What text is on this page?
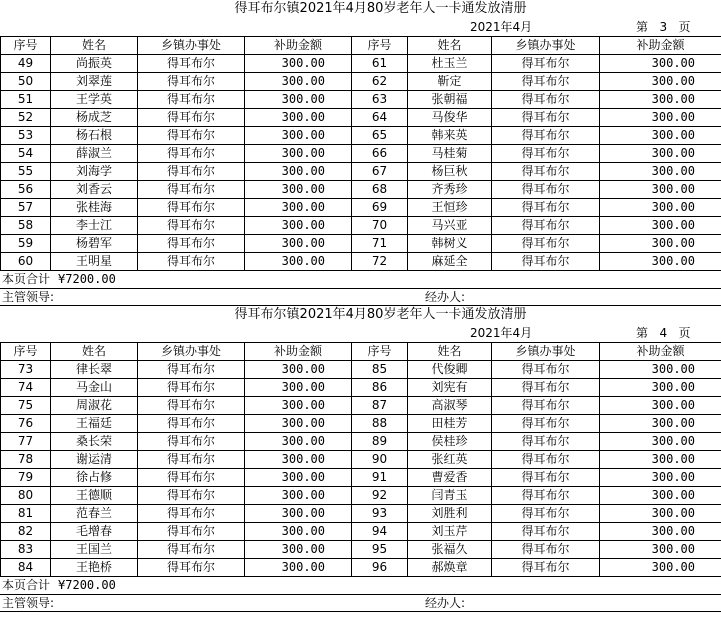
得耳布尔镇2021年4月80岁老年人一卡通发放清册
2021年4月	第 3 页
序号	姓名	乡镇办事处	补助金额	序号	姓名	乡镇办事处	补助金额
49	尚振英	得耳布尔	300.00	61	杜玉兰	得耳布尔	300.00
50	刘翠莲	得耳布尔	300.00	62	靳定	得耳布尔	300.00
51	王学英	得耳布尔	300.00	63	张朝福	得耳布尔	300.00
52	杨成芝	得耳布尔	300.00	64	马俊华	得耳布尔	300.00
53	杨石根	得耳布尔	300.00	65	韩来英	得耳布尔	300.00
54	薛淑兰	得耳布尔	300.00	66	马桂菊	得耳布尔	300.00
55	刘海学	得耳布尔	300.00	67	杨巨秋	得耳布尔	300.00
56	刘香云	得耳布尔	300.00	68	齐秀珍	得耳布尔	300.00
57	张桂海	得耳布尔	300.00	69	王恒珍	得耳布尔	300.00
58	李士江	得耳布尔	300.00	70	马兴亚	得耳布尔	300.00
59	杨碧军	得耳布尔	300.00	71	韩树义	得耳布尔	300.00
60	王明星	得耳布尔	300.00	72	麻延全	得耳布尔	300.00
本页合计 ¥7200.00
主管领导:	经办人:
得耳布尔镇2021年4月80岁老年人一卡通发放清册
2021年4月	第 4 页
序号	姓名	乡镇办事处	补助金额	序号	姓名	乡镇办事处	补助金额
73	律长翠	得耳布尔	300.00	85	代俊卿	得耳布尔	300.00
74	马金山	得耳布尔	300.00	86	刘宪有	得耳布尔	300.00
75	周淑花	得耳布尔	300.00	87	高淑琴	得耳布尔	300.00
76	王福廷	得耳布尔	300.00	88	田桂芳	得耳布尔	300.00
77	桑长荣	得耳布尔	300.00	89	侯桂珍	得耳布尔	300.00
78	谢运清	得耳布尔	300.00	90	张红英	得耳布尔	300.00
79	徐占修	得耳布尔	300.00	91	曹爱香	得耳布尔	300.00
80	王德顺	得耳布尔	300.00	92	闫青玉	得耳布尔	300.00
81	范春兰	得耳布尔	300.00	93	刘胜利	得耳布尔	300.00
82	毛增春	得耳布尔	300.00	94	刘玉芹	得耳布尔	300.00
83	王国兰	得耳布尔	300.00	95	张福久	得耳布尔	300.00
84	王艳桥	得耳布尔	300.00	96	郝焕章	得耳布尔	300.00
本页合计 ¥7200.00
主管领导:	经办人:
